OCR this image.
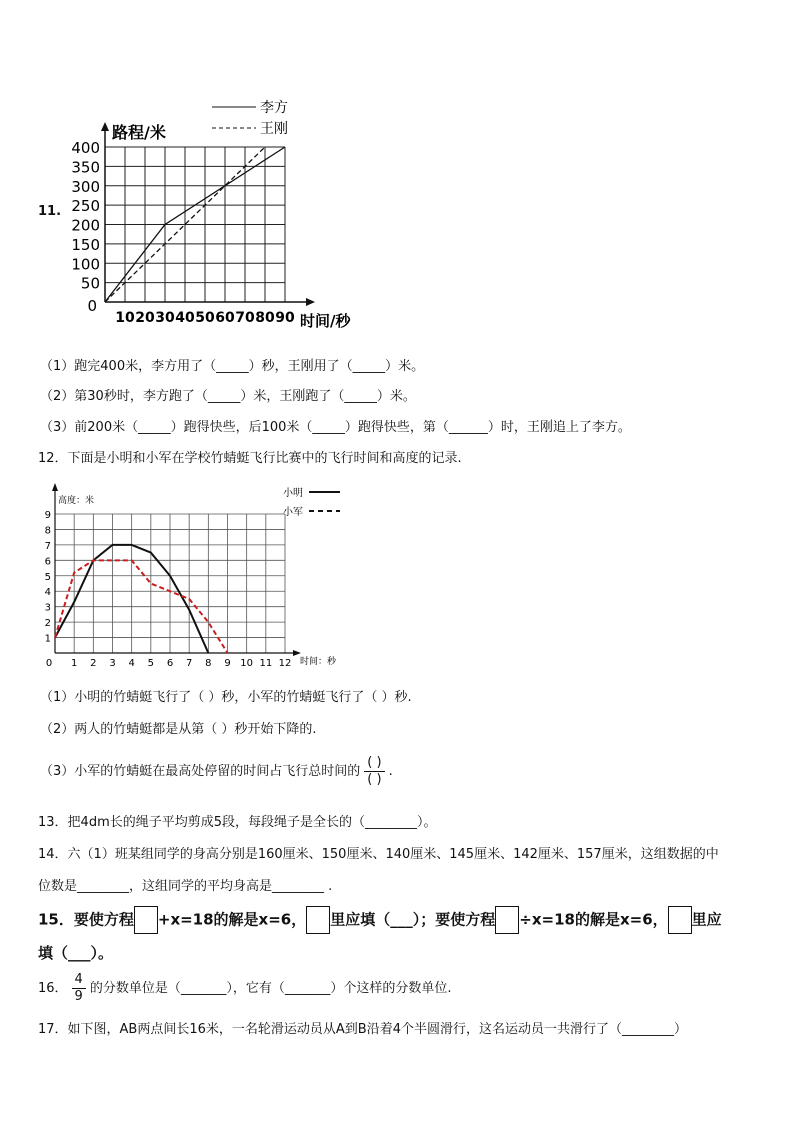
11.
50
100
150
200
250
300
350
400
0
10 20 30 40 50 60 70 80 90
李方
王刚
路程/米
时间/秒
（1）跑完400米，李方用了（_____）秒，王刚用了（_____）米。
（2）第30秒时，李方跑了（_____）米，王刚跑了（_____）米。
（3）前200米（_____）跑得快些，后100米（_____）跑得快些，第（______）时，王刚追上了李方。
12．下面是小明和小军在学校竹蜻蜓飞行比赛中的飞行时间和高度的记录.
1
2
3
4
5
6
7
8
9
0 1 2 3 4 5 6 7 8 9 10 11 12
小明
小军
高度：米
时间：秒
（1）小明的竹蜻蜓飞行了（ ）秒，小军的竹蜻蜓飞行了（ ）秒.
（2）两人的竹蜻蜓都是从第（ ）秒开始下降的.
（3）小军的竹蜻蜓在最高处停留的时间占飞行总时间的 $\frac{( )}{( )}$ .
13．把4dm长的绳子平均剪成5段，每段绳子是全长的（________）。
14．六（1）班某组同学的身高分别是160厘米、150厘米、140厘米、145厘米、142厘米、157厘米，这组数据的中
位数是________，这组同学的平均身高是________ .
15．要使方程 +x=18的解是x=6， 里应填（___）；要使方程 ÷x=18的解是x=6， 里应
填（___）。
16． $\frac{4}{9}$ 的分数单位是（_______），它有（_______）个这样的分数单位.
17．如下图，AB两点间长16米，一名轮滑运动员从A到B沿着4个半圆滑行，这名运动员一共滑行了（________）
